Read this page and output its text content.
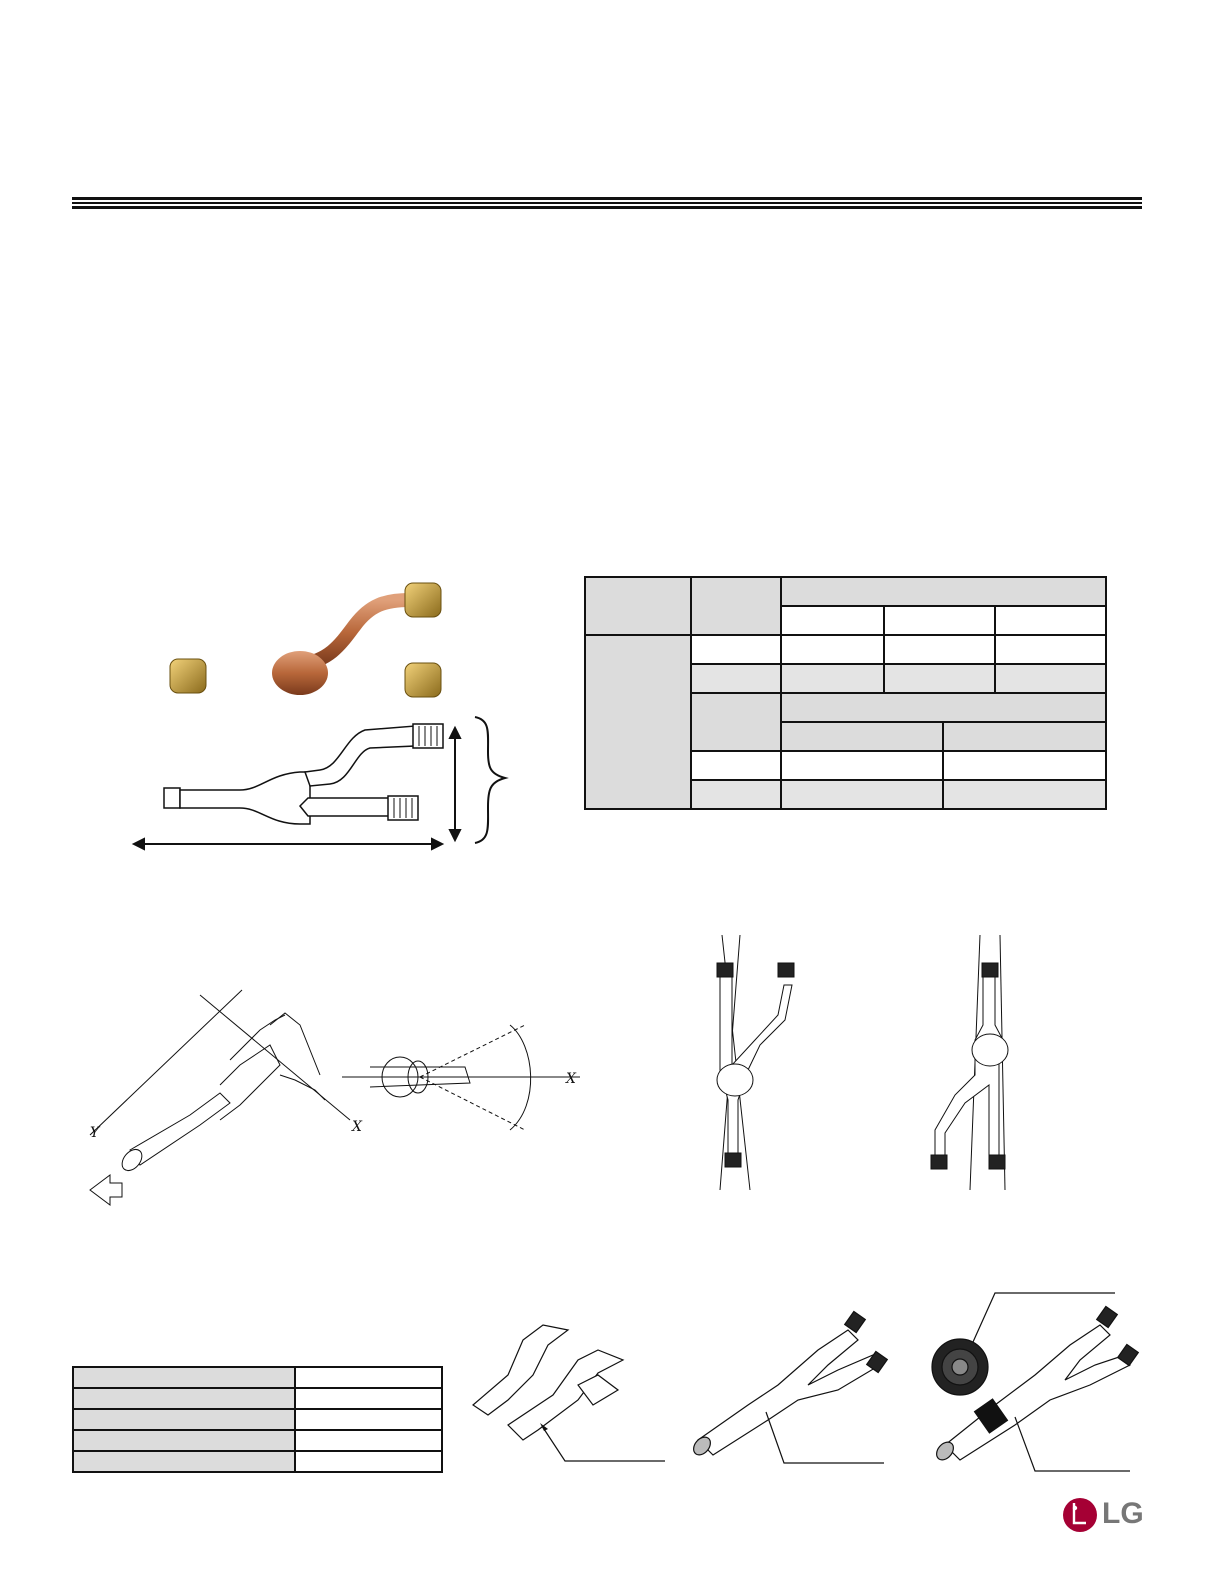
Y	X
X

LG
